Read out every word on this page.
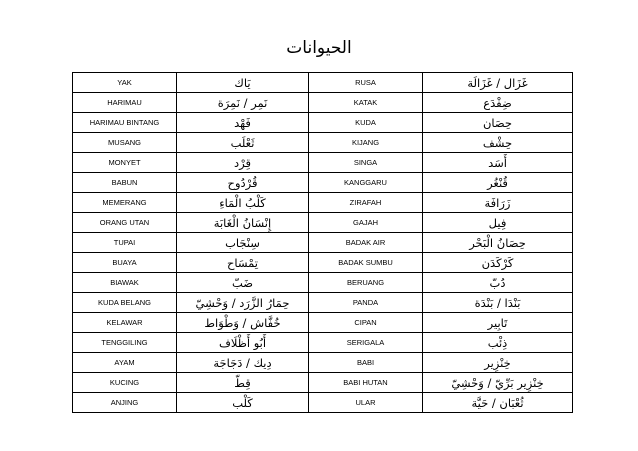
الحيوانات
YAK	يَاك	RUSA	غَزَال / غَزَالَة
HARIMAU	نَمِر / نَمِرَة	KATAK	ضِفْدَع
HARIMAU BINTANG	فَهْد	KUDA	حِصَان
MUSANG	ثَعْلَب	KIJANG	حِشْف
MONYET	قِرْد	SINGA	أَسَد
BABUN	قُرْدُوح	KANGGARU	قُنْغُر
MEMERANG	كَلْبُ الْمَاءِ	ZIRAFAH	زَرَافَة
ORANG UTAN	إِنْسَانُ الْغَابَة	GAJAH	فِيل
TUPAI	سِنْجَاب	BADAK AIR	حِصَانُ الْبَحْر
BUAYA	تِمْسَاح	BADAK SUMBU	كَرْكَدَن
BIAWAK	ضَبّ	BERUANG	دُبّ
KUDA BELANG	حِمَارُ الزَّرَد / وَحْشِيّ	PANDA	بَنْدَا / بَنْدَة
KELAWAR	خُفَّاش / وَطْوَاط	CIPAN	تَابِير
TENGGILING	أَبُو أَظْلَاف	SERIGALA	ذِئْب
AYAM	دِيك / دَجَاجَة	BABI	خِنْزِير
KUCING	قِطّ	BABI HUTAN	خِنْزِير بَرِّيّ / وَحْشِيّ
ANJING	كَلْب	ULAR	ثُعْبَان / حَيَّة
